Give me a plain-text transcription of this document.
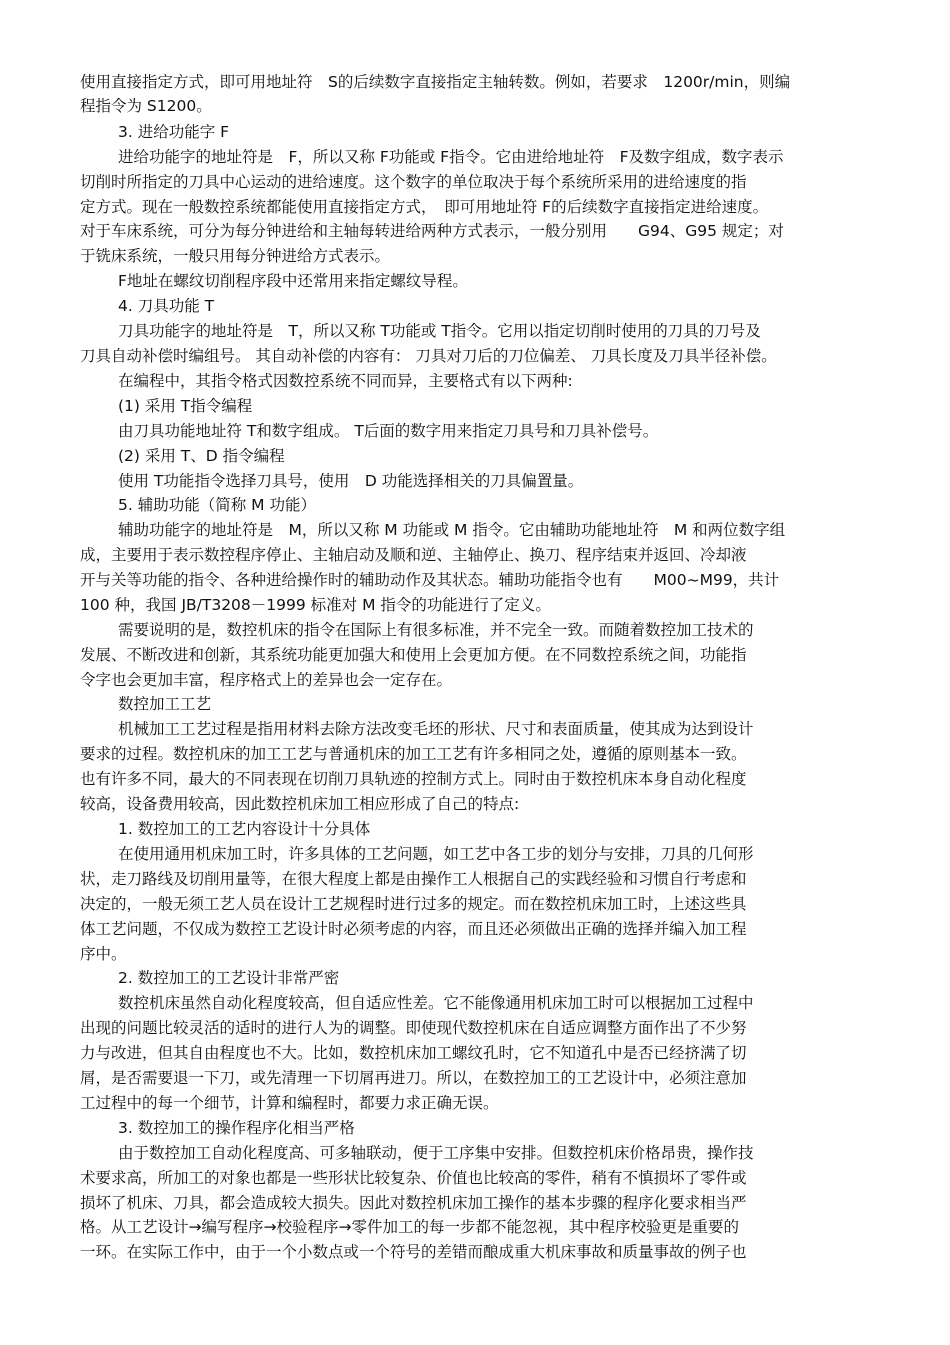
使用直接指定方式，即可用地址符　S的后续数字直接指定主轴转数。例如，若要求　1200r/min，则编
程指令为 S1200。
3. 进给功能字 F
进给功能字的地址符是　F，所以又称 F功能或 F指令。它由进给地址符　F及数字组成，数字表示
切削时所指定的刀具中心运动的进给速度。这个数字的单位取决于每个系统所采用的进给速度的指
定方式。现在一般数控系统都能使用直接指定方式，　即可用地址符 F的后续数字直接指定进给速度。
对于车床系统，可分为每分钟进给和主轴每转进给两种方式表示，一般分别用　　G94、G95 规定；对
于铣床系统，一般只用每分钟进给方式表示。
F地址在螺纹切削程序段中还常用来指定螺纹导程。
4. 刀具功能 T
刀具功能字的地址符是　T，所以又称 T功能或 T指令。它用以指定切削时使用的刀具的刀号及
刀具自动补偿时编组号。 其自动补偿的内容有： 刀具对刀后的刀位偏差、 刀具长度及刀具半径补偿。
在编程中，其指令格式因数控系统不同而异，主要格式有以下两种:
(1) 采用 T指令编程
由刀具功能地址符 T和数字组成。 T后面的数字用来指定刀具号和刀具补偿号。
(2) 采用 T、D 指令编程
使用 T功能指令选择刀具号，使用　D 功能选择相关的刀具偏置量。
5. 辅助功能（简称 M 功能）
辅助功能字的地址符是　M，所以又称 M 功能或 M 指令。它由辅助功能地址符　M 和两位数字组
成，主要用于表示数控程序停止、主轴启动及顺和逆、主轴停止、换刀、程序结束并返回、冷却液
开与关等功能的指令、各种进给操作时的辅助动作及其状态。辅助功能指令也有　　M00~M99，共计
100 种，我国 JB/T3208－1999 标准对 M 指令的功能进行了定义。
需要说明的是，数控机床的指令在国际上有很多标准，并不完全一致。而随着数控加工技术的
发展、不断改进和创新，其系统功能更加强大和使用上会更加方便。在不同数控系统之间，功能指
令字也会更加丰富，程序格式上的差异也会一定存在。
数控加工工艺
机械加工工艺过程是指用材料去除方法改变毛坯的形状、尺寸和表面质量，使其成为达到设计
要求的过程。数控机床的加工工艺与普通机床的加工工艺有许多相同之处，遵循的原则基本一致。
也有许多不同，最大的不同表现在切削刀具轨迹的控制方式上。同时由于数控机床本身自动化程度
较高，设备费用较高，因此数控机床加工相应形成了自己的特点:
1. 数控加工的工艺内容设计十分具体
在使用通用机床加工时，许多具体的工艺问题，如工艺中各工步的划分与安排，刀具的几何形
状，走刀路线及切削用量等，在很大程度上都是由操作工人根据自己的实践经验和习惯自行考虑和
决定的，一般无须工艺人员在设计工艺规程时进行过多的规定。而在数控机床加工时，上述这些具
体工艺问题，不仅成为数控工艺设计时必须考虑的内容，而且还必须做出正确的选择并编入加工程
序中。
2. 数控加工的工艺设计非常严密
数控机床虽然自动化程度较高，但自适应性差。它不能像通用机床加工时可以根据加工过程中
出现的问题比较灵活的适时的进行人为的调整。即使现代数控机床在自适应调整方面作出了不少努
力与改进，但其自由程度也不大。比如，数控机床加工螺纹孔时，它不知道孔中是否已经挤满了切
屑，是否需要退一下刀，或先清理一下切屑再进刀。所以，在数控加工的工艺设计中，必须注意加
工过程中的每一个细节，计算和编程时，都要力求正确无误。
3. 数控加工的操作程序化相当严格
由于数控加工自动化程度高、可多轴联动，便于工序集中安排。但数控机床价格昂贵，操作技
术要求高，所加工的对象也都是一些形状比较复杂、价值也比较高的零件，稍有不慎损坏了零件或
损坏了机床、刀具，都会造成较大损失。因此对数控机床加工操作的基本步骤的程序化要求相当严
格。从工艺设计→编写程序→校验程序→零件加工的每一步都不能忽视，其中程序校验更是重要的
一环。在实际工作中，由于一个小数点或一个符号的差错而酿成重大机床事故和质量事故的例子也
